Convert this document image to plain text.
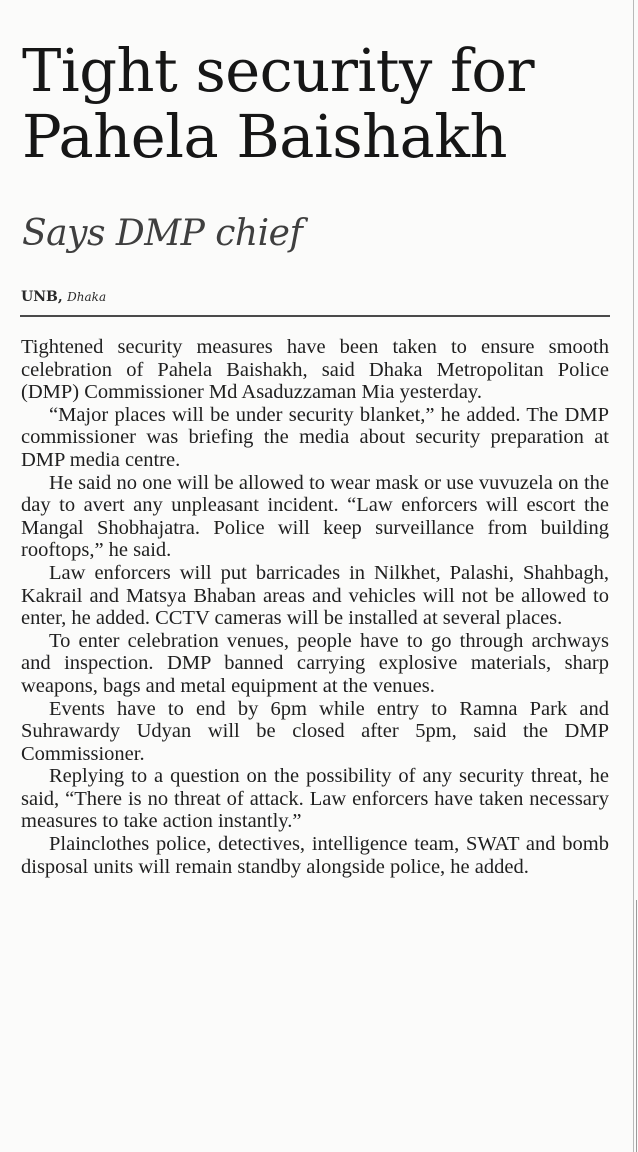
Tight security for
Pahela Baishakh
Says DMP chief
UNB, Dhaka

Tightened security measures have been taken to ensure smooth celebration of Pahela Baishakh, said Dhaka Metropolitan Police (DMP) Commissioner Md Asaduzzaman Mia yesterday.

“Major places will be under security blanket,” he added. The DMP commissioner was briefing the media about security preparation at DMP media centre.

He said no one will be allowed to wear mask or use vuvuzela on the day to avert any unpleasant incident. “Law enforcers will escort the Mangal Shobhajatra. Police will keep surveillance from building rooftops,” he said.

Law enforcers will put barricades in Nilkhet, Palashi, Shahbagh, Kakrail and Matsya Bhaban areas and vehicles will not be allowed to enter, he added. CCTV cameras will be installed at several places.

To enter celebration venues, people have to go through archways and inspection. DMP banned carrying explosive materials, sharp weapons, bags and metal equipment at the venues.

Events have to end by 6pm while entry to Ramna Park and Suhrawardy Udyan will be closed after 5pm, said the DMP Commissioner.

Replying to a question on the possibility of any security threat, he said, “There is no threat of attack. Law enforcers have taken necessary measures to take action instantly.”

Plainclothes police, detectives, intelligence team, SWAT and bomb disposal units will remain standby alongside police, he added.
